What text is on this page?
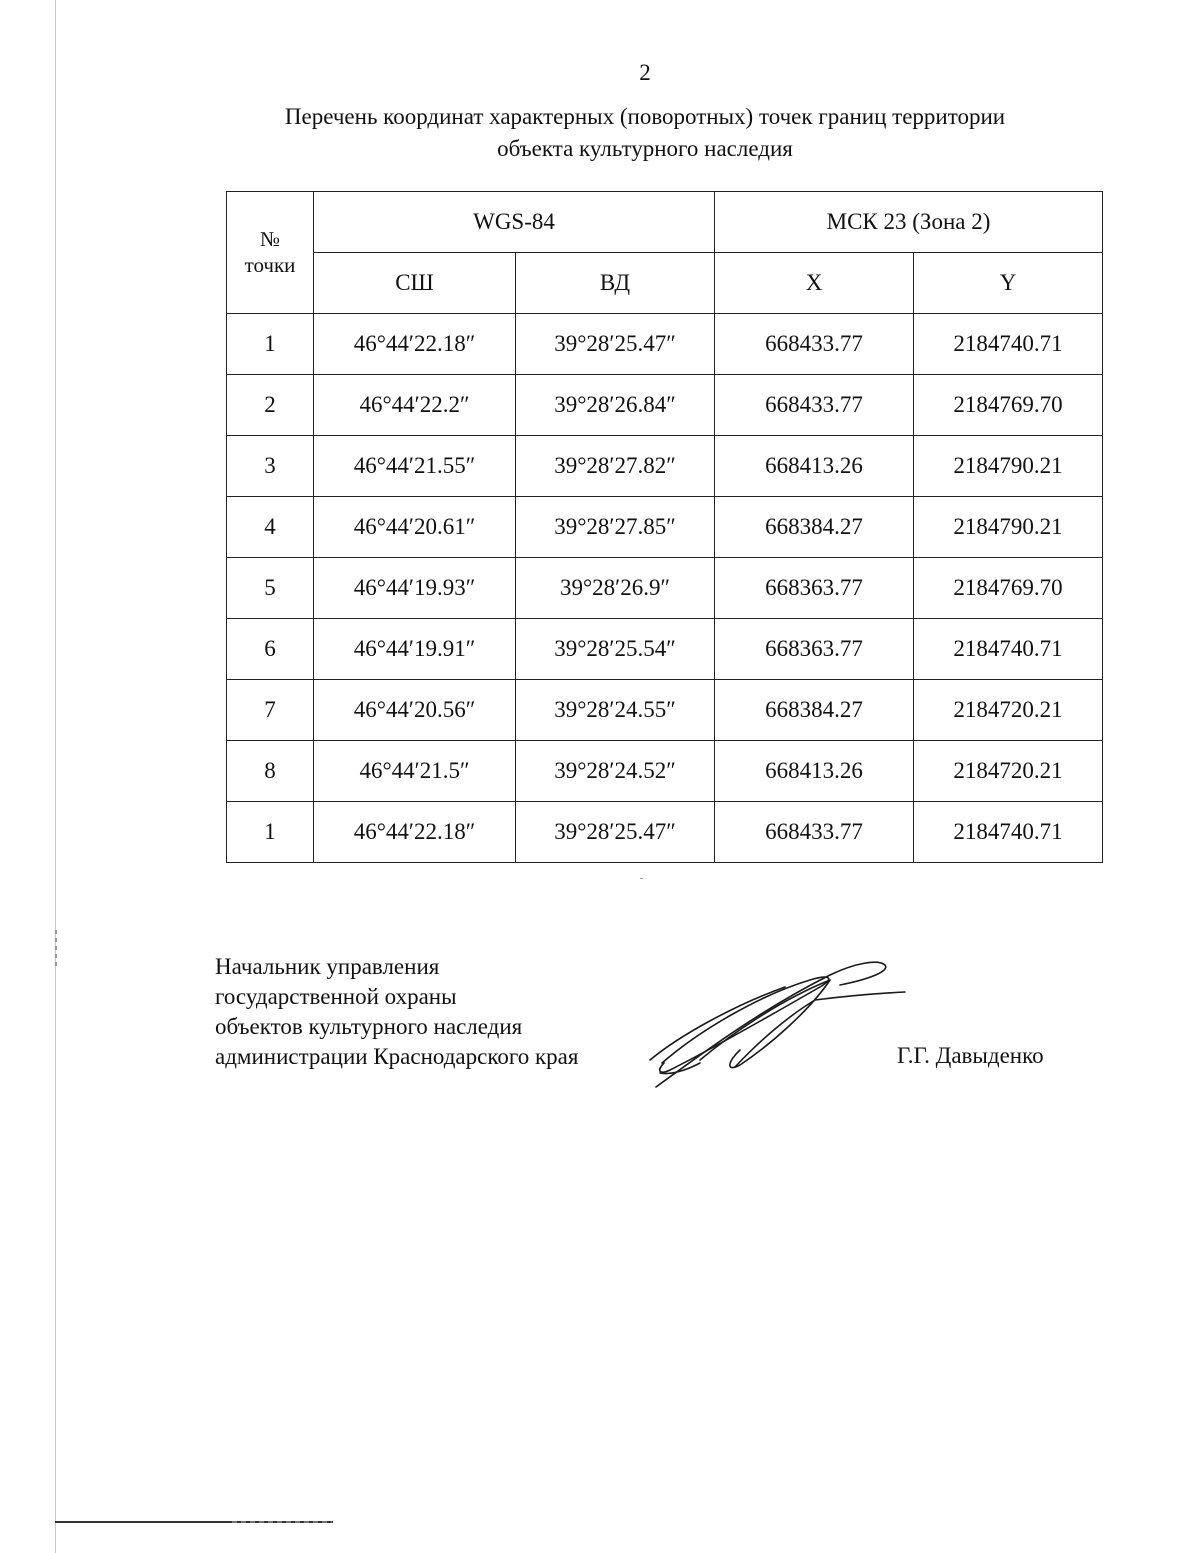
2
Перечень координат характерных (поворотных) точек границ территории
объекта культурного наследия
№
точки	WGS-84		МСК 23 (Зона 2)	
	СШ	ВД	X	Y
1	46°44′22.18″	39°28′25.47″	668433.77	2184740.71
2	46°44′22.2″	39°28′26.84″	668433.77	2184769.70
3	46°44′21.55″	39°28′27.82″	668413.26	2184790.21
4	46°44′20.61″	39°28′27.85″	668384.27	2184790.21
5	46°44′19.93″	39°28′26.9″	668363.77	2184769.70
6	46°44′19.91″	39°28′25.54″	668363.77	2184740.71
7	46°44′20.56″	39°28′24.55″	668384.27	2184720.21
8	46°44′21.5″	39°28′24.52″	668413.26	2184720.21
1	46°44′22.18″	39°28′25.47″	668433.77	2184740.71
Начальник управления
государственной охраны
объектов культурного наследия
администрации Краснодарского края	Г.Г. Давыденко
